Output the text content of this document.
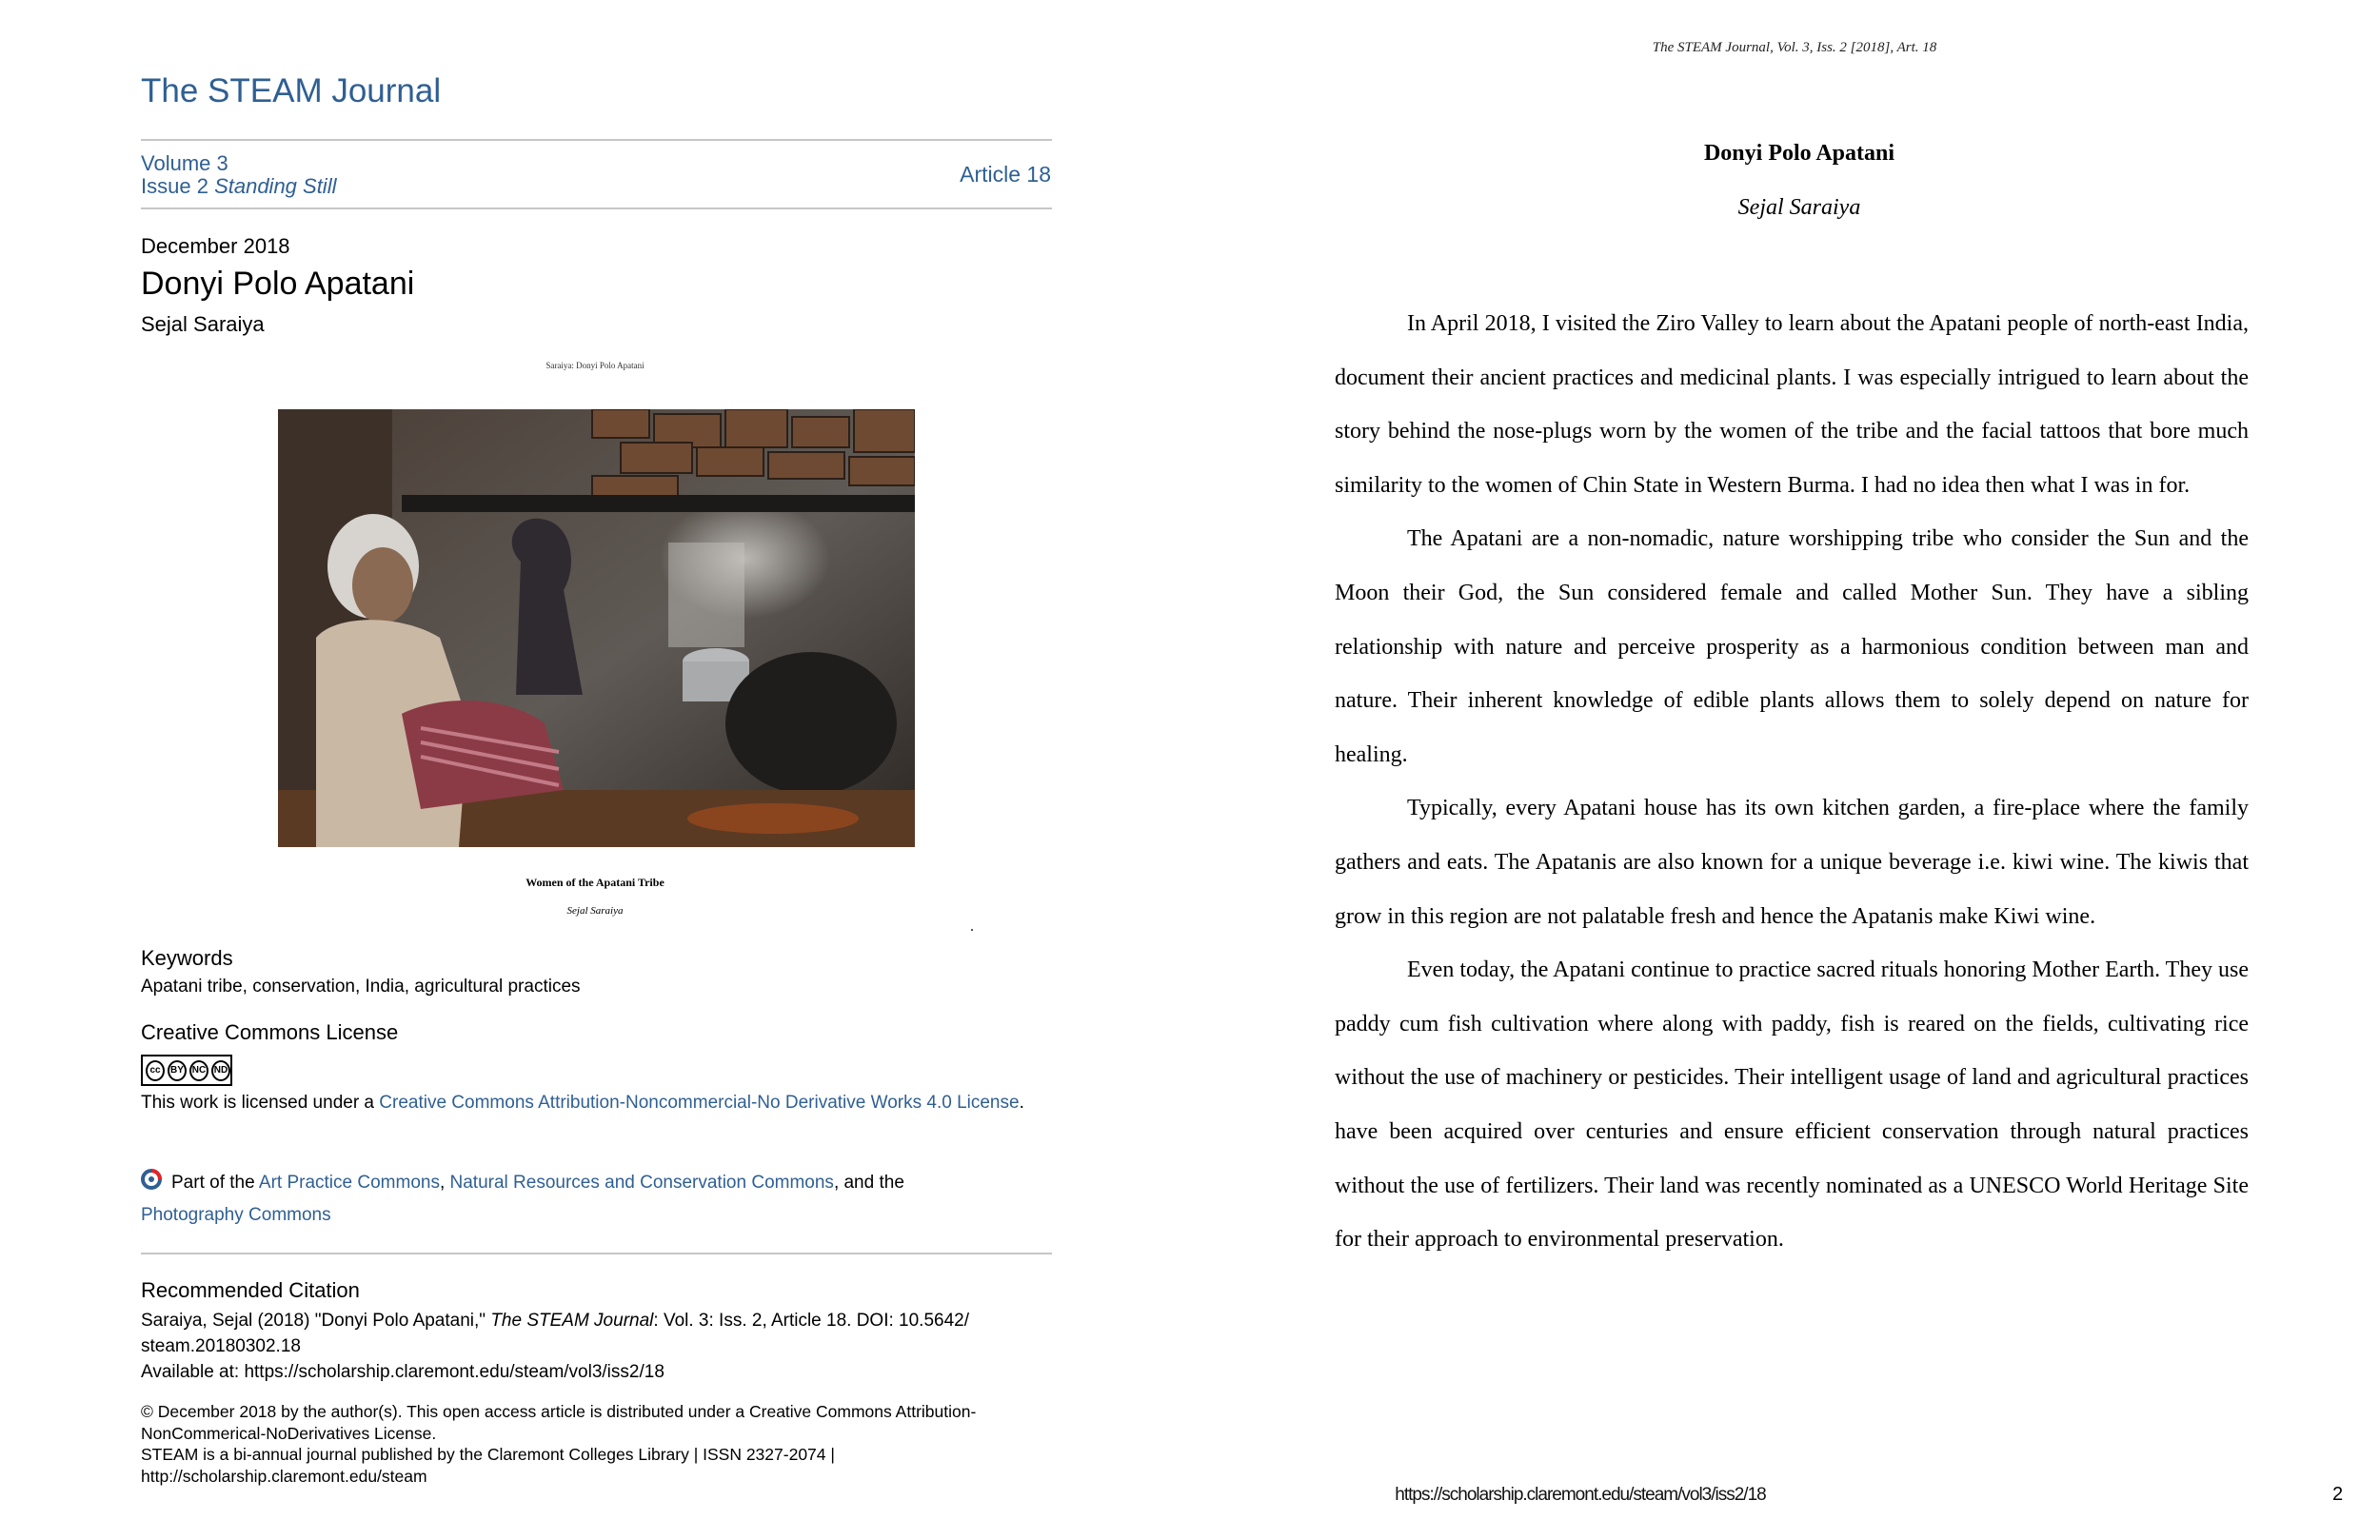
The STEAM Journal
Volume 3
Issue 2 Standing Still	Article 18
December 2018
Donyi Polo Apatani
Sejal Saraiya
Saraiya: Donyi Polo Apatani
Women of the Apatani Tribe
Sejal Saraiya
Keywords
Apatani tribe, conservation, India, agricultural practices
Creative Commons License
cc	BY NC ND
This work is licensed under a Creative Commons Attribution-Noncommercial-No Derivative Works 4.0 License.
Part of the Art Practice Commons, Natural Resources and Conservation Commons, and the
Photography Commons
Recommended Citation
Saraiya, Sejal (2018) "Donyi Polo Apatani," The STEAM Journal: Vol. 3: Iss. 2, Article 18. DOI: 10.5642/
steam.20180302.18
Available at: https://scholarship.claremont.edu/steam/vol3/iss2/18
© December 2018 by the author(s). This open access article is distributed under a Creative Commons Attribution-
NonCommerical-NoDerivatives License.
STEAM is a bi-annual journal published by the Claremont Colleges Library | ISSN 2327-2074 |
http://scholarship.claremont.edu/steam
The STEAM Journal, Vol. 3, Iss. 2 [2018], Art. 18
Donyi Polo Apatani
Sejal Saraiya

In April 2018, I visited the Ziro Valley to learn about the Apatani people of north-east India, document their ancient practices and medicinal plants. I was especially intrigued to learn about the story behind the nose-plugs worn by the women of the tribe and the facial tattoos that bore much similarity to the women of Chin State in Western Burma. I had no idea then what I was in for.

The Apatani are a non-nomadic, nature worshipping tribe who consider the Sun and the Moon their God, the Sun considered female and called Mother Sun. They have a sibling relationship with nature and perceive prosperity as a harmonious condition between man and nature. Their inherent knowledge of edible plants allows them to solely depend on nature for healing.

Typically, every Apatani house has its own kitchen garden, a fire-place where the family gathers and eats. The Apatanis are also known for a unique beverage i.e. kiwi wine. The kiwis that grow in this region are not palatable fresh and hence the Apatanis make Kiwi wine.

Even today, the Apatani continue to practice sacred rituals honoring Mother Earth. They use paddy cum fish cultivation where along with paddy, fish is reared on the fields, cultivating rice without the use of machinery or pesticides. Their intelligent usage of land and agricultural practices have been acquired over centuries and ensure efficient conservation through natural practices without the use of fertilizers. Their land was recently nominated as a UNESCO World Heritage Site for their approach to environmental preservation.

https://scholarship.claremont.edu/steam/vol3/iss2/18	2
